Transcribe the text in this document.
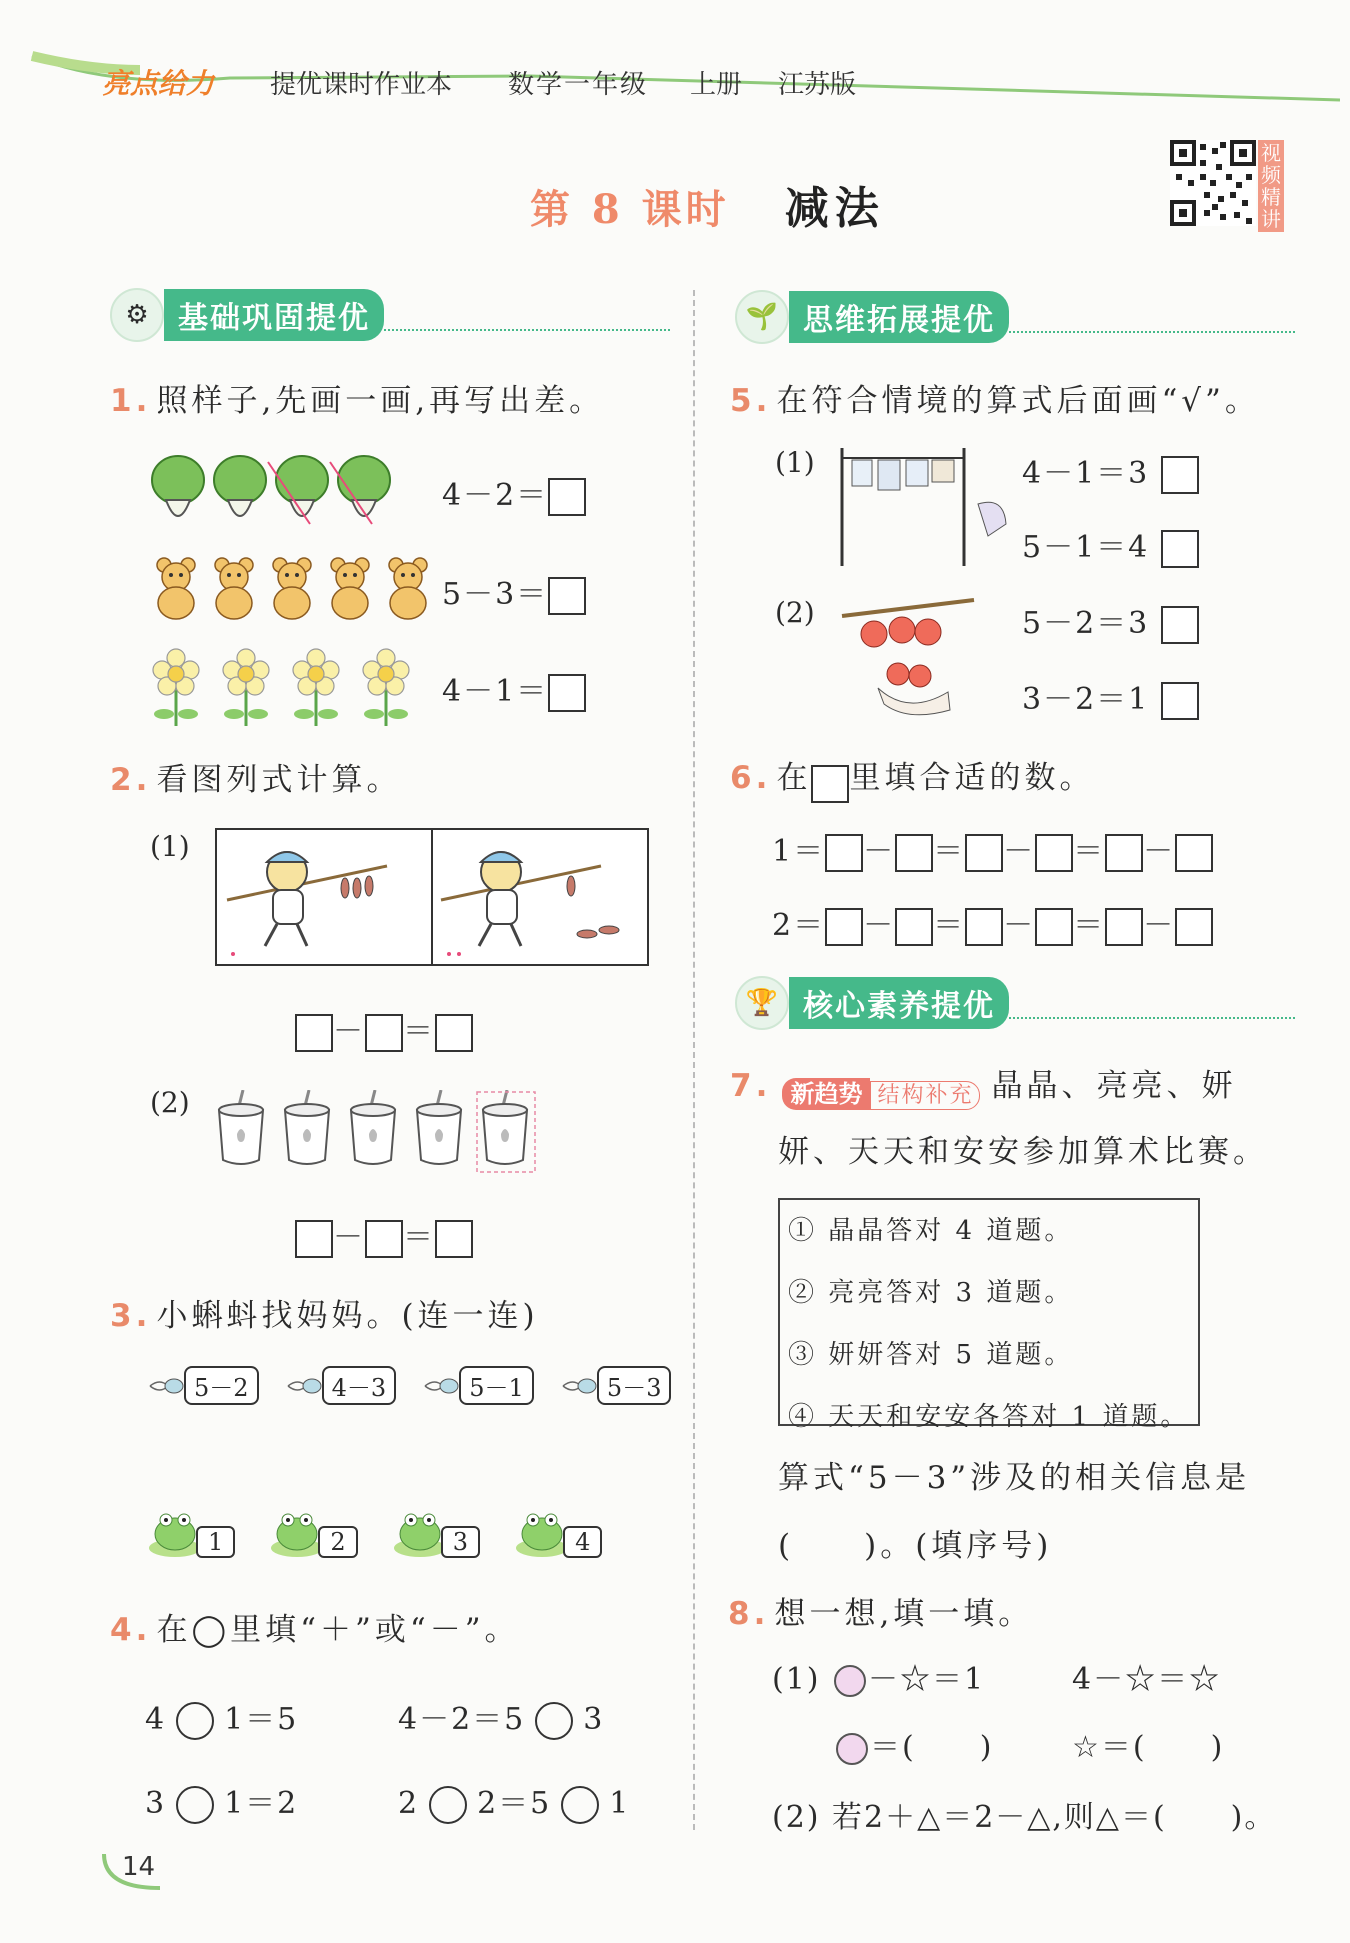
亮点给力 提优课时作业本 数学一年级 上册 江苏版
视频精讲
第 8 课时 减法
⚙ 基础巩固提优
1. 照样子,先画一画,再写出差。
4－2＝
5－3＝
4－1＝
2. 看图列式计算。
(1)
－ ＝
(2)
－ ＝
3. 小蝌蚪找妈妈。(连一连)
5－2
	4－3
	5－1
	5－3
1
	2
	3
	4
4. 在◯里填“＋”或“－”。
4 1＝5	4－2＝5 3
3 1＝2	2 2＝5 1
14
🌱 思维拓展提优
5. 在符合情境的算式后面画“√”。
(1)	4－1＝3
5－1＝4
(2)	5－2＝3
3－2＝1
6. 在 里填合适的数。
1＝ － ＝ － ＝ －
2＝ － ＝ － ＝ －
🏆 核心素养提优
7. 新趋势 结构补充 晶晶、亮亮、妍
妍、天天和安安参加算术比赛。
① 晶晶答对 4 道题。
② 亮亮答对 3 道题。
③ 妍妍答对 5 道题。
④ 天天和安安各答对 1 道题。
算式“5－3”涉及的相关信息是
(　　)。(填序号)
8. 想一想,填一填。
(1) －☆＝1	4－☆＝☆
＝(　　)	☆＝(　　)
(2) 若2＋△＝2－△,则△＝(　　)。
